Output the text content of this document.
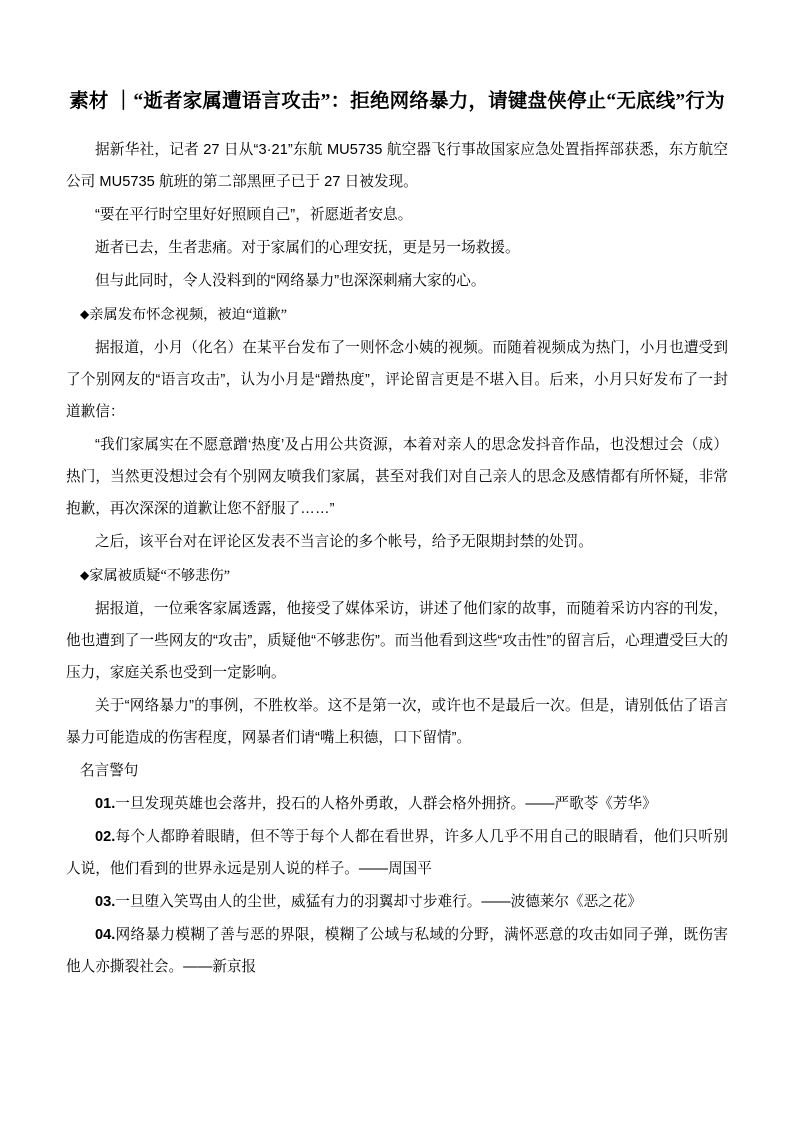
素材 ｜“逝者家属遭语言攻击”：拒绝网络暴力，请键盘侠停止“无底线”行为

据新华社，记者 27 日从“3·21”东航 MU5735 航空器飞行事故国家应急处置指挥部获悉，东方航空公司 MU5735 航班的第二部黑匣子已于 27 日被发现。

“要在平行时空里好好照顾自己”，祈愿逝者安息。

逝者已去，生者悲痛。对于家属们的心理安抚，更是另一场救援。

但与此同时，令人没料到的“网络暴力”也深深刺痛大家的心。

◆亲属发布怀念视频，被迫“道歉”

据报道，小月（化名）在某平台发布了一则怀念小姨的视频。而随着视频成为热门，小月也遭受到了个别网友的“语言攻击”，认为小月是“蹭热度”，评论留言更是不堪入目。后来，小月只好发布了一封道歉信：

“我们家属实在不愿意蹭‘热度’及占用公共资源，本着对亲人的思念发抖音作品，也没想过会（成）热门，当然更没想过会有个别网友喷我们家属，甚至对我们对自己亲人的思念及感情都有所怀疑，非常抱歉，再次深深的道歉让您不舒服了……”

之后，该平台对在评论区发表不当言论的多个帐号，给予无限期封禁的处罚。

◆家属被质疑“不够悲伤”

据报道，一位乘客家属透露，他接受了媒体采访，讲述了他们家的故事，而随着采访内容的刊发，他也遭到了一些网友的“攻击”，质疑他“不够悲伤”。而当他看到这些“攻击性”的留言后，心理遭受巨大的压力，家庭关系也受到一定影响。

关于“网络暴力”的事例，不胜枚举。这不是第一次，或许也不是最后一次。但是，请别低估了语言暴力可能造成的伤害程度，网暴者们请“嘴上积德，口下留情”。

名言警句

01.一旦发现英雄也会落井，投石的人格外勇敢，人群会格外拥挤。——严歌苓《芳华》

02.每个人都睁着眼睛，但不等于每个人都在看世界，许多人几乎不用自己的眼睛看，他们只听别人说，他们看到的世界永远是别人说的样子。——周国平

03.一旦堕入笑骂由人的尘世，威猛有力的羽翼却寸步难行。——波德莱尔《恶之花》

04.网络暴力模糊了善与恶的界限，模糊了公域与私域的分野，满怀恶意的攻击如同子弹，既伤害他人亦撕裂社会。——新京报
